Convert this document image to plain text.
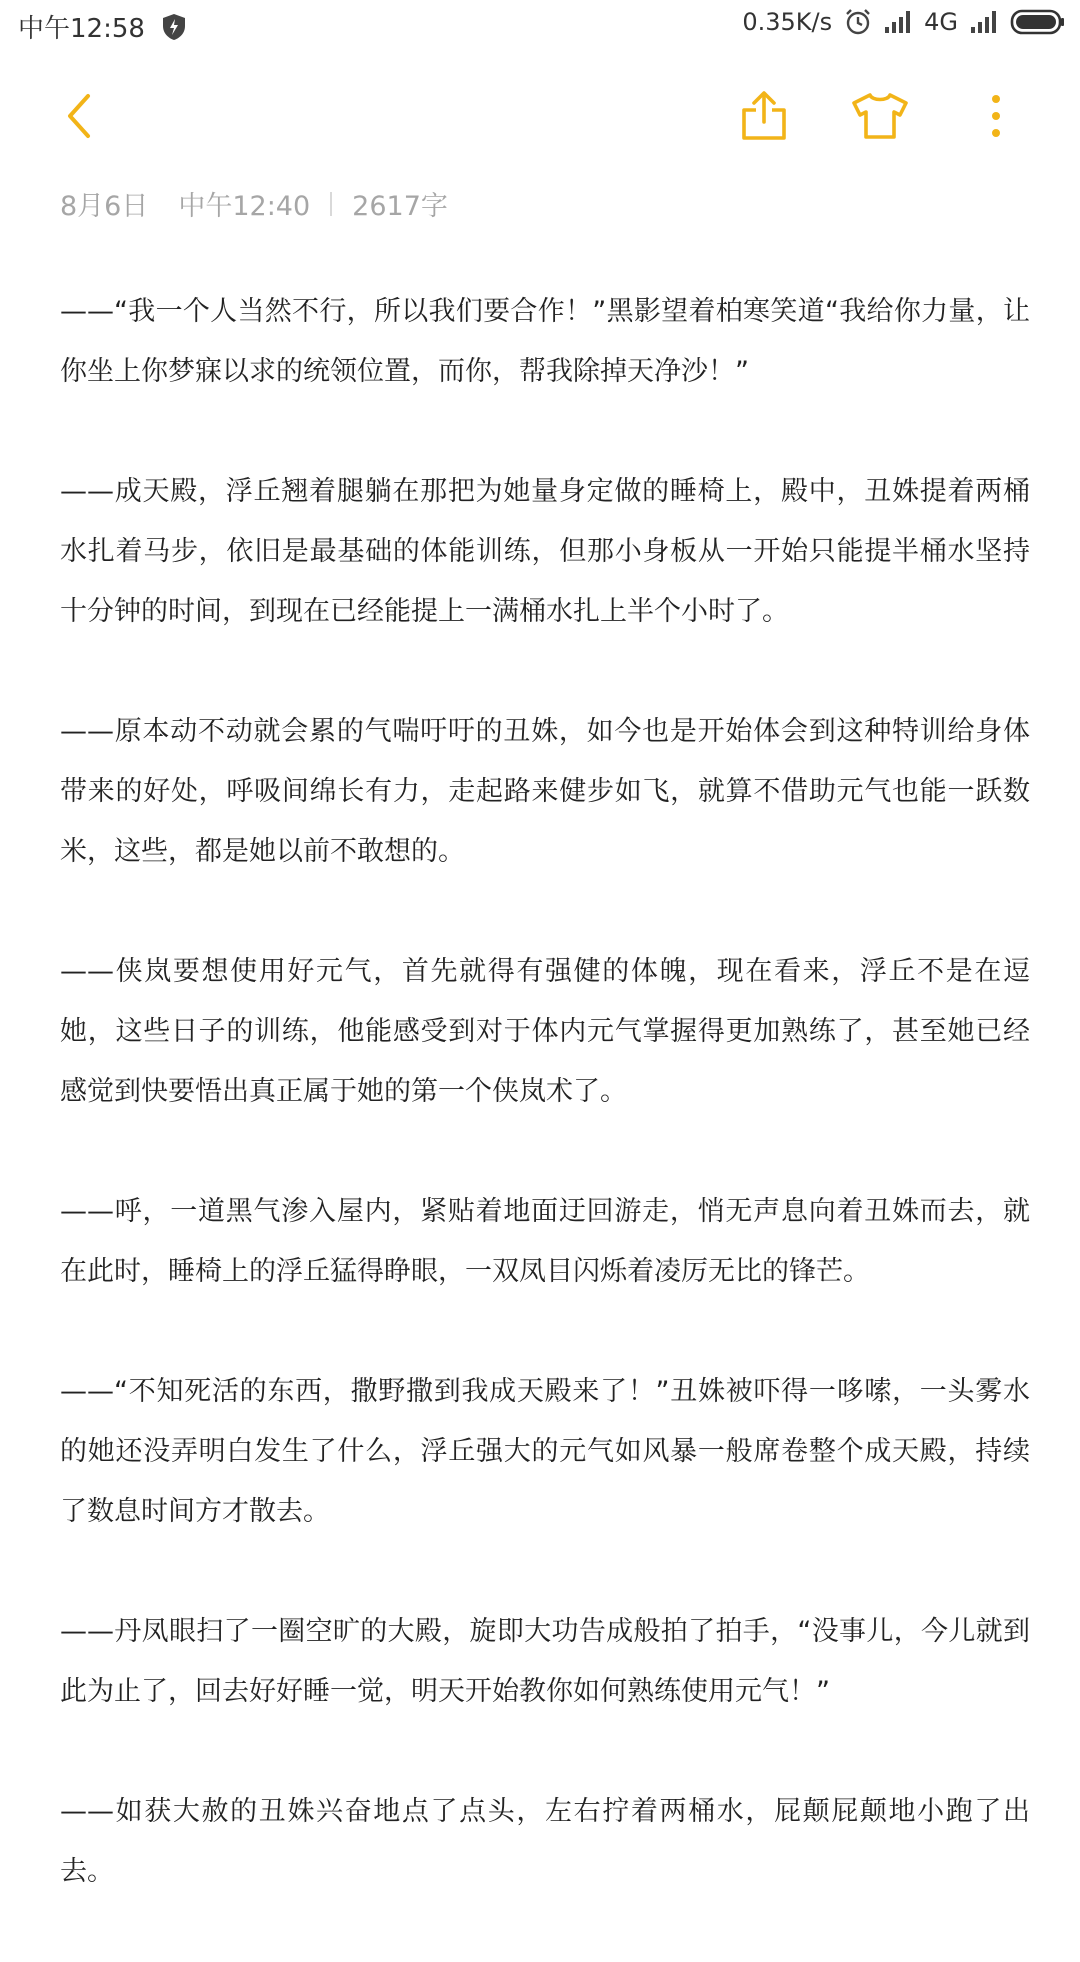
中午12:58	0.35K/s	4G
8月6日 中午12:40 2617字

——“我一个人当然不行，所以我们要合作！”黑影望着柏寒笑道“我给你力量，让你坐上你梦寐以求的统领位置，而你，帮我除掉天净沙！”

——成天殿，浮丘翘着腿躺在那把为她量身定做的睡椅上，殿中，丑姝提着两桶水扎着马步，依旧是最基础的体能训练，但那小身板从一开始只能提半桶水坚持十分钟的时间，到现在已经能提上一满桶水扎上半个小时了。

——原本动不动就会累的气喘吁吁的丑姝，如今也是开始体会到这种特训给身体带来的好处，呼吸间绵长有力，走起路来健步如飞，就算不借助元气也能一跃数米，这些，都是她以前不敢想的。

——侠岚要想使用好元气，首先就得有强健的体魄，现在看来，浮丘不是在逗她，这些日子的训练，他能感受到对于体内元气掌握得更加熟练了，甚至她已经感觉到快要悟出真正属于她的第一个侠岚术了。

——呼，一道黑气渗入屋内，紧贴着地面迂回游走，悄无声息向着丑姝而去，就在此时，睡椅上的浮丘猛得睁眼，一双凤目闪烁着凌厉无比的锋芒。

——“不知死活的东西，撒野撒到我成天殿来了！”丑姝被吓得一哆嗦，一头雾水的她还没弄明白发生了什么，浮丘强大的元气如风暴一般席卷整个成天殿，持续了数息时间方才散去。

——丹凤眼扫了一圈空旷的大殿，旋即大功告成般拍了拍手，“没事儿，今儿就到此为止了，回去好好睡一觉，明天开始教你如何熟练使用元气！”

——如获大赦的丑姝兴奋地点了点头，左右拧着两桶水，屁颠屁颠地小跑了出去。
